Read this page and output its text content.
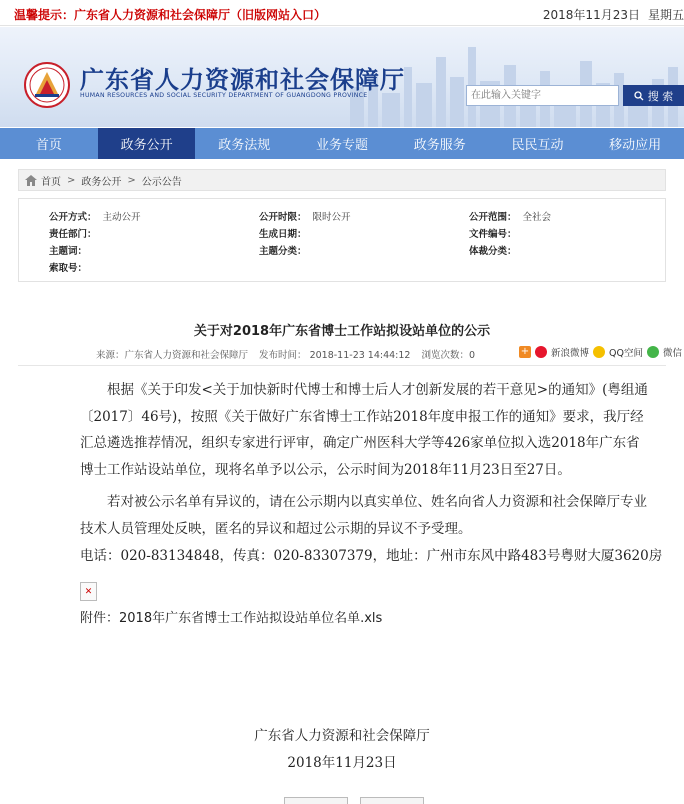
温馨提示：广东省人力资源和社会保障厅（旧版网站入口）	2018年11月23日 星期五
广东省人力资源和社会保障厅
HUMAN RESOURCES AND SOCIAL SECURITY DEPARTMENT OF GUANGDONG PROVINCE
在此输入关键字	搜 索
首页	政务公开	政务法规	业务专题	政务服务	民民互动	移动应用
首页 > 政务公开 > 公示公告
公开方式： 主动公开	公开时限： 限时公开	公开范围： 全社会
责任部门：	生成日期：	文件编号：
主题词：	主题分类：	体裁分类：
索取号：
关于对2018年广东省博士工作站拟设站单位的公示
来源：广东省人力资源和社会保障厅 发布时间： 2018-11-23 14:44:12 浏览次数：0	+ 新浪微博 QQ空间 微信
根据《关于印发<关于加快新时代博士和博士后人才创新发展的若干意见>的通知》(粤组通〔2017〕46号)，按照《关于做好广东省博士工作站2018年度申报工作的通知》要求，我厅经汇总遴选推荐情况，组织专家进行评审，确定广州医科大学等426家单位拟入选2018年广东省博士工作站设站单位，现将名单予以公示，公示时间为2018年11月23日至27日。
若对被公示名单有异议的，请在公示期内以真实单位、姓名向省人力资源和社会保障厅专业技术人员管理处反映，匿名的异议和超过公示期的异议不予受理。
电话：020-83134848，传真：020-83307379，地址：广州市东风中路483号粤财大厦3620房
✕
附件：2018年广东省博士工作站拟设站单位名单.xls
广东省人力资源和社会保障厅
2018年11月23日
